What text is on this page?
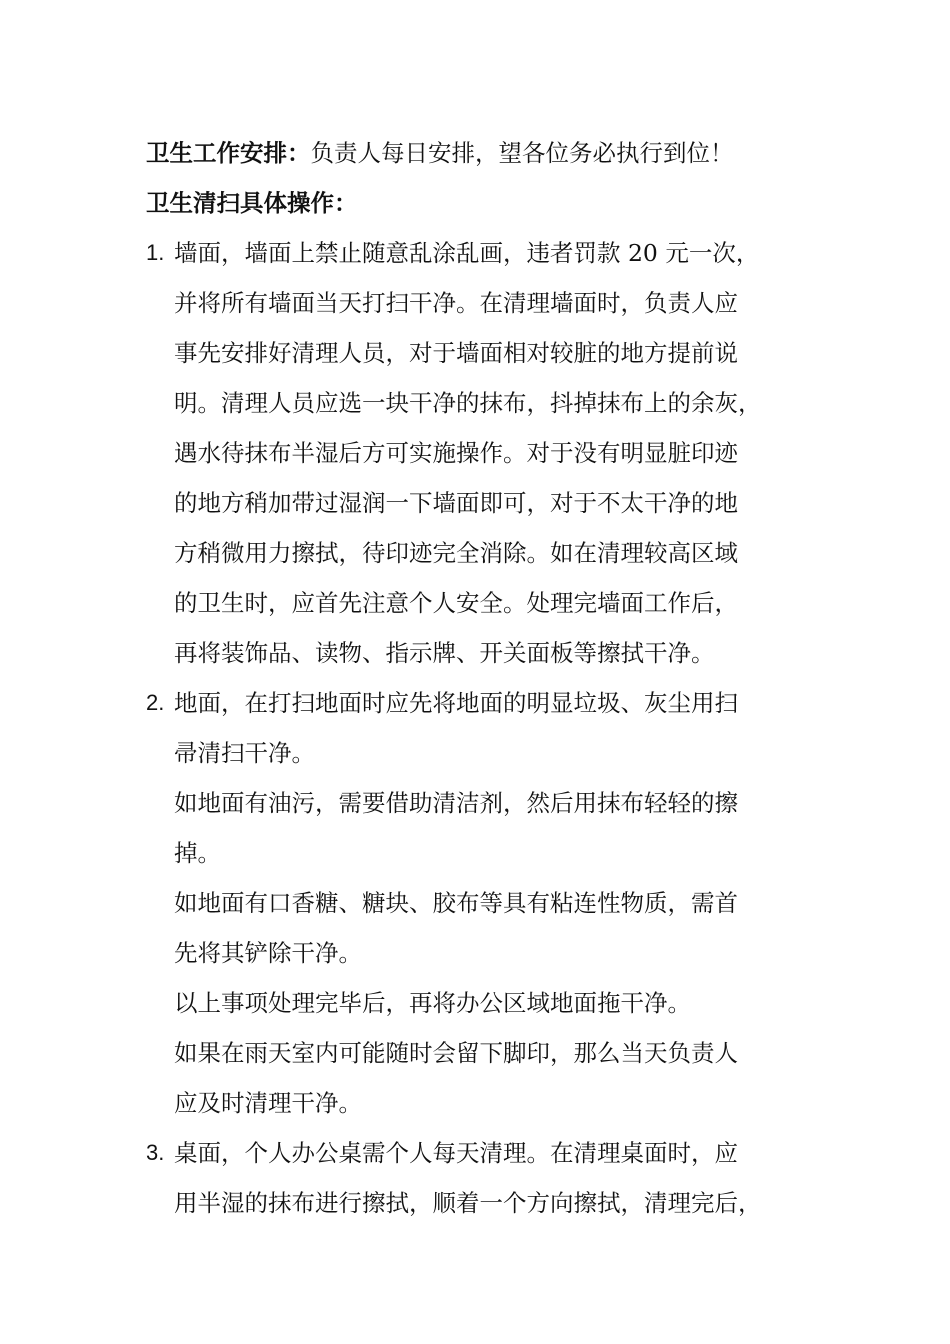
卫生工作安排：负责人每日安排，望各位务必执行到位！
卫生清扫具体操作：
1. 墙面，墙面上禁止随意乱涂乱画，违者罚款 20 元一次，
并将所有墙面当天打扫干净。在清理墙面时，负责人应
事先安排好清理人员，对于墙面相对较脏的地方提前说
明。清理人员应选一块干净的抹布，抖掉抹布上的余灰，
遇水待抹布半湿后方可实施操作。对于没有明显脏印迹
的地方稍加带过湿润一下墙面即可，对于不太干净的地
方稍微用力擦拭，待印迹完全消除。如在清理较高区域
的卫生时，应首先注意个人安全。处理完墙面工作后，
再将装饰品、读物、指示牌、开关面板等擦拭干净。
2. 地面，在打扫地面时应先将地面的明显垃圾、灰尘用扫
帚清扫干净。
如地面有油污，需要借助清洁剂，然后用抹布轻轻的擦
掉。
如地面有口香糖、糖块、胶布等具有粘连性物质，需首
先将其铲除干净。
以上事项处理完毕后，再将办公区域地面拖干净。
如果在雨天室内可能随时会留下脚印，那么当天负责人
应及时清理干净。
3. 桌面，个人办公桌需个人每天清理。在清理桌面时，应
用半湿的抹布进行擦拭，顺着一个方向擦拭，清理完后，
